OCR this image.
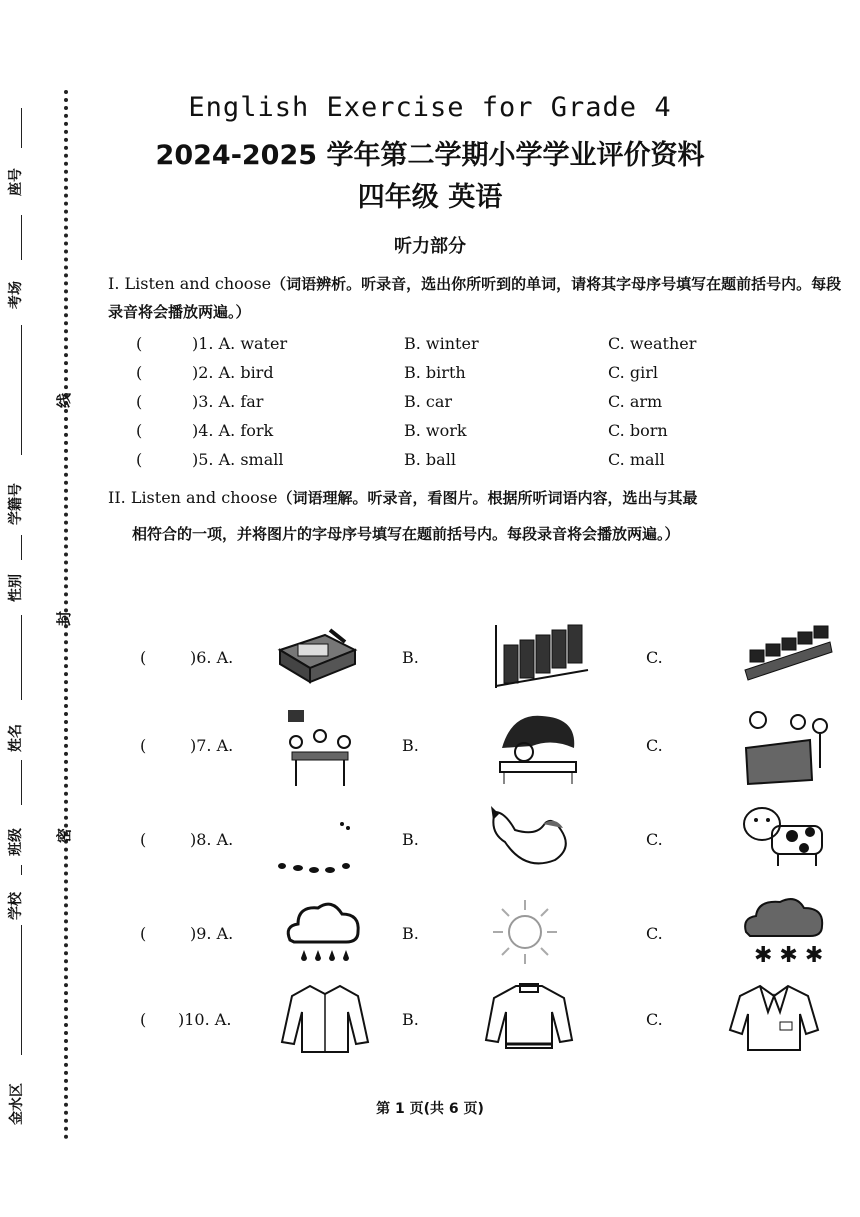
座号
考场
学籍号
性别
姓名
班级
学校
金水区
线
封
密
English Exercise for Grade 4
2024-2025 学年第二学期小学学业评价资料
四年级 英语
听力部分
I. Listen and choose（词语辨析。听录音，选出你所听到的单词，请将其字母序号填写在题前括号内。每段录音将会播放两遍。）
(	)1. A. water	B. winter	C. weather
(	)2. A. bird	B. birth	C. girl
(	)3. A. far	B. car	C. arm
(	)4. A. fork	B. work	C. born
(	)5. A. small	B. ball	C. mall
II. Listen and choose（词语理解。听录音，看图片。根据所听词语内容，选出与其最
相符合的一项，并将图片的字母序号填写在题前括号内。每段录音将会播放两遍。）
(	)6. A.	B.	C.
(	)7. A.	B.	C.
(	)8. A.	B.	C.
(	)9. A.	B.	C.
✱ ✱ ✱
( )10. A.	B.	C.
第 1 页(共 6 页)
